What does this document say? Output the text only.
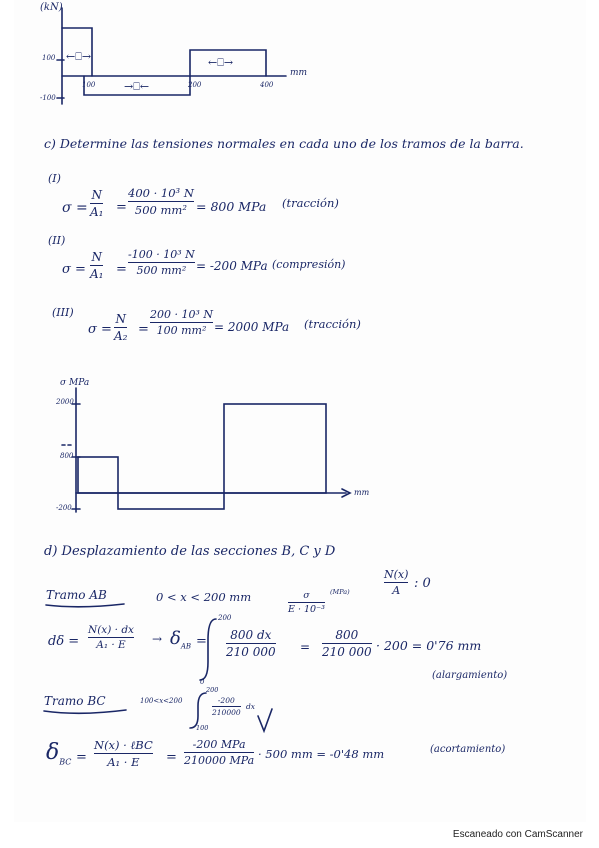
(kN)
100
-100
100	200	400
mm
←⎕→
→⎕←
←⎕→
c) Determine las tensiones normales en cada uno de los tramos de la barra.
(I)
σ =
N
A₁ =
400 · 10³ N
500 mm² = 800 MPa (tracción)
(II)
σ =
N
A₁ =
-100 · 10³ N
500 mm² = -200 MPa (compresión)
(III)
σ =
N
A₂ =
200 · 10³ N
100 mm² = 2000 MPa (tracción)
σ MPa
2000
800
-200
mm
d) Desplazamiento de las secciones B, C y D
N(x)
A : 0
Tramo AB	0 < x < 200 mm	σ
E · 10⁻³
(MPa)
dδ =
N(x) · dx
$A_1 \cdot E \to \delta_{AB}$ =
200
0
800 dx
210 000 =
800
210 000 · 200 = 0'76 mm
(alargamiento)
Tramo BC	100<x<200
200
100
-200
210000
dx
$\delta_{BC}$ =
N(x) · ℓBC
A₁ · E =
-200 MPa
210000 MPa · 500 mm = -0'48 mm	(acortamiento)
Escaneado con CamScanner
